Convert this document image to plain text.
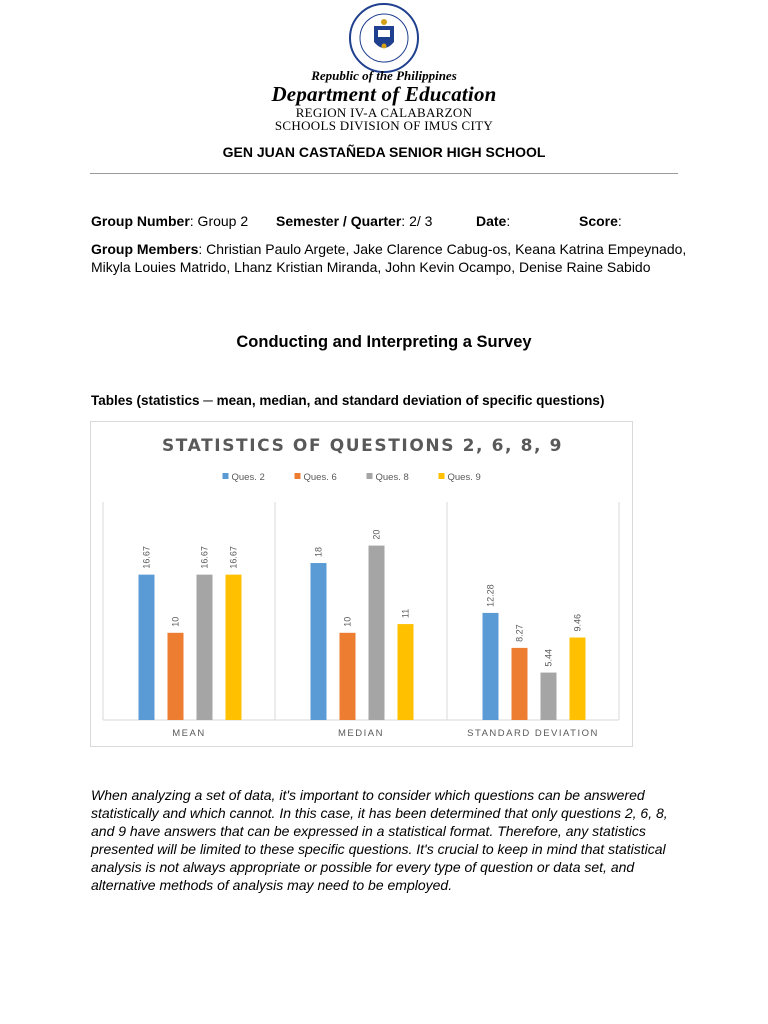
Republic of the Philippines
Department of Education
REGION IV-A CALABARZON
SCHOOLS DIVISION OF IMUS CITY
GEN JUAN CASTAÑEDA SENIOR HIGH SCHOOL
Group Number: Group 2 Semester / Quarter: 2/ 3	Date:	Score:
Group Members: Christian Paulo Argete, Jake Clarence Cabug-os, Keana Katrina Empeynado, Mikyla Louies Matrido, Lhanz Kristian Miranda, John Kevin Ocampo, Denise Raine Sabido
Conducting and Interpreting a Survey
Tables (statistics ─ mean, median, and standard deviation of specific questions)
STATISTICS OF QUESTIONS 2, 6, 8, 9
Ques. 2	Ques. 6	Ques. 8	Ques. 9
16.67
10
16.67 16.67
MEAN
18
10
20
11
MEDIAN
12.28
8.27
5.44
9.46
STANDARD DEVIATION
When analyzing a set of data, it's important to consider which questions can be answered statistically and which cannot. In this case, it has been determined that only questions 2, 6, 8, and 9 have answers that can be expressed in a statistical format. Therefore, any statistics presented will be limited to these specific questions. It's crucial to keep in mind that statistical analysis is not always appropriate or possible for every type of question or data set, and alternative methods of analysis may need to be employed.
